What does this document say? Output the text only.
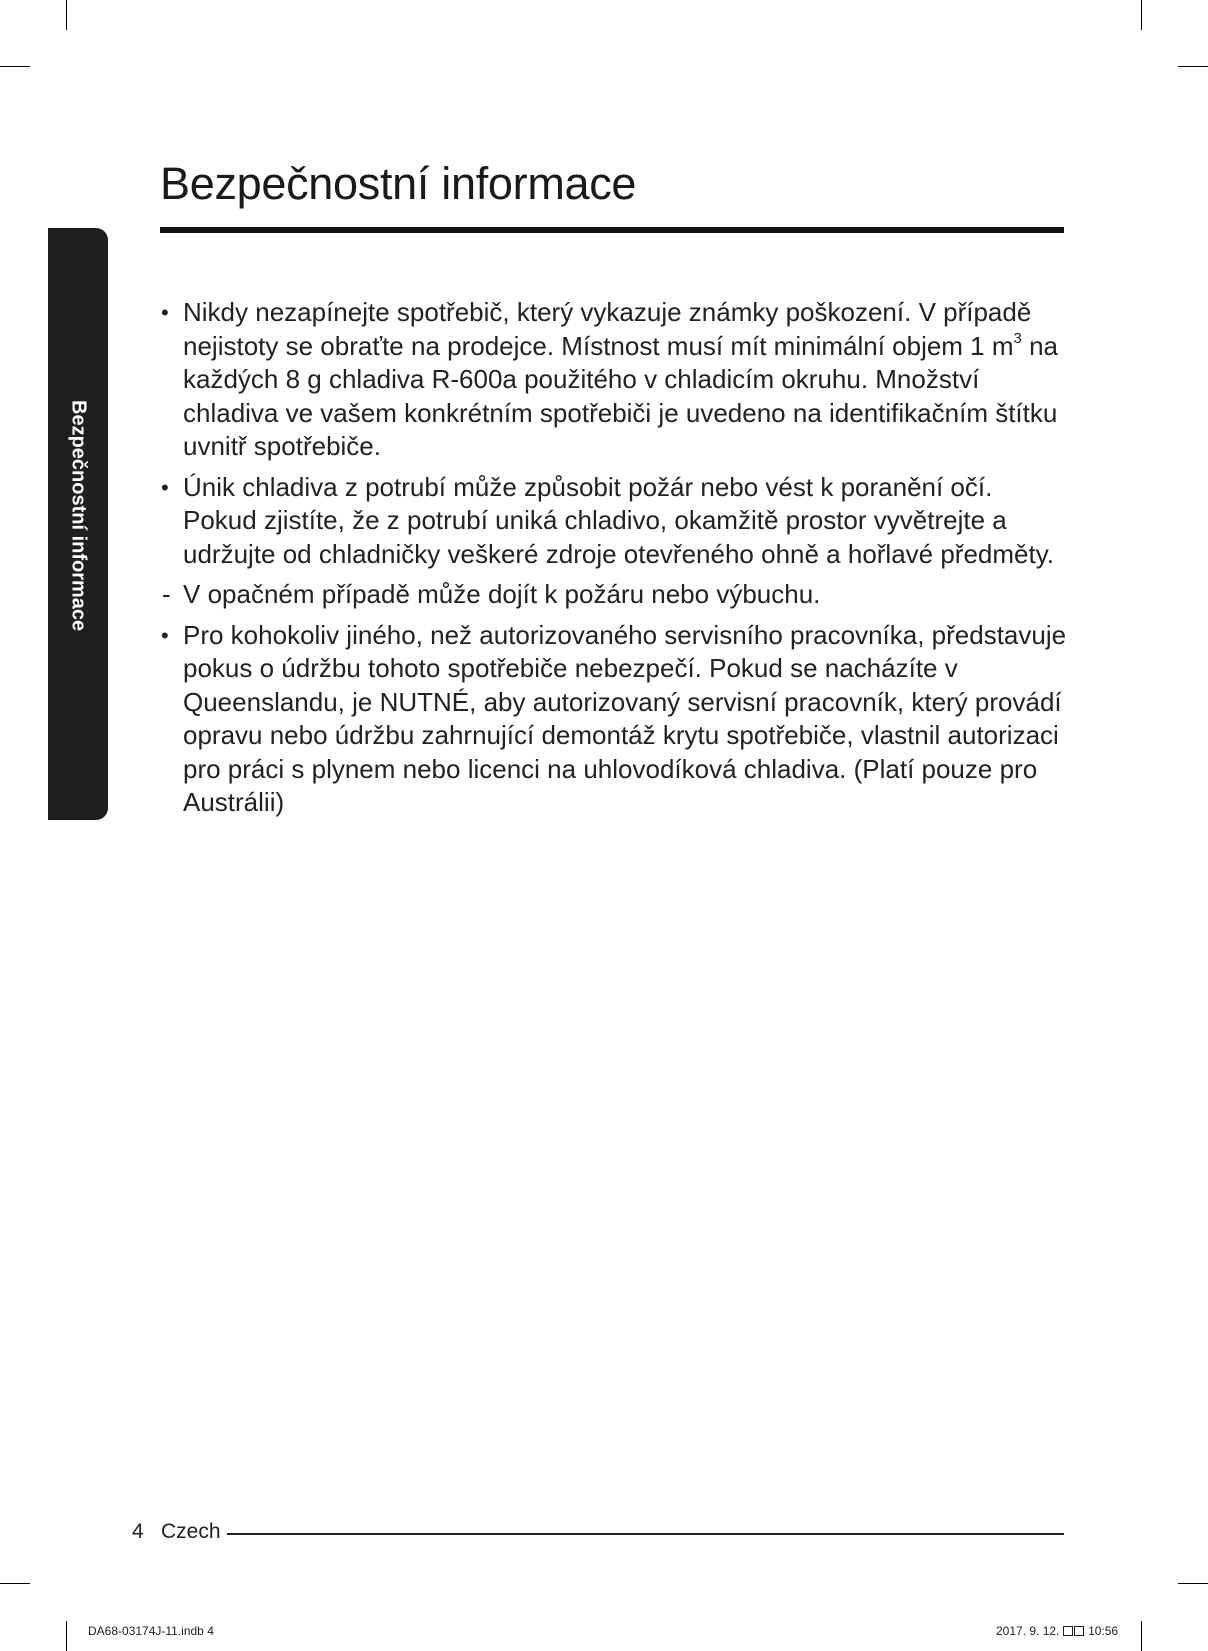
Bezpečnostní informace
Bezpečnostní informace
• Nikdy nezapínejte spotřebič, který vykazuje známky poškození. V případě nejistoty se obraťte na prodejce. Místnost musí mít minimální objem 1 $m^3$ na každých 8 g chladiva R-600a použitého v chladicím okruhu. Množství chladiva ve vašem konkrétním spotřebiči je uvedeno na identifikačním štítku uvnitř spotřebiče.
• Únik chladiva z potrubí může způsobit požár nebo vést k poranění očí. Pokud zjistíte, že z potrubí uniká chladivo, okamžitě prostor vyvětrejte a udržujte od chladničky veškeré zdroje otevřeného ohně a hořlavé předměty.
- V opačném případě může dojít k požáru nebo výbuchu.
• Pro kohokoliv jiného, než autorizovaného servisního pracovníka, představuje pokus o údržbu tohoto spotřebiče nebezpečí. Pokud se nacházíte v Queenslandu, je NUTNÉ, aby autorizovaný servisní pracovník, který provádí opravu nebo údržbu zahrnující demontáž krytu spotřebiče, vlastnil autorizaci pro práci s plynem nebo licenci na uhlovodíková chladiva. (Platí pouze pro Austrálii)
4 Czech
DA68-03174J-11.indb 4	2017. 9. 12. 10:56
